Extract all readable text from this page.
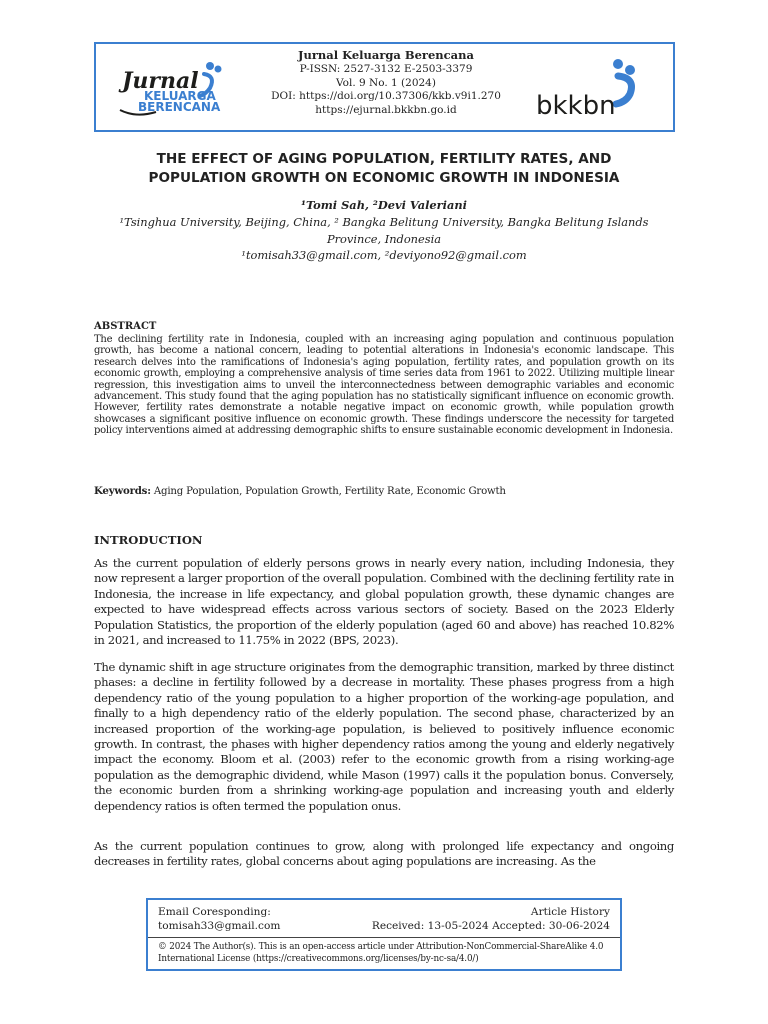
Jurnal
KELUARGA
BERENCANA
Jurnal Keluarga Berencana
P-ISSN: 2527-3132 E-2503-3379
Vol. 9 No. 1 (2024)
DOI: https://doi.org/10.37306/kkb.v9i1.270
https://ejurnal.bkkbn.go.id	bkkbn
THE EFFECT OF AGING POPULATION, FERTILITY RATES, AND
POPULATION GROWTH ON ECONOMIC GROWTH IN INDONESIA
¹Tomi Sah, ²Devi Valeriani
¹Tsinghua University, Beijing, China, ² Bangka Belitung University, Bangka Belitung Islands
Province, Indonesia
¹tomisah33@gmail.com, ²deviyono92@gmail.com
ABSTRACT
The declining fertility rate in Indonesia, coupled with an increasing aging population and continuous population growth, has become a national concern, leading to potential alterations in Indonesia's economic landscape. This research delves into the ramifications of Indonesia's aging population, fertility rates, and population growth on its economic growth, employing a comprehensive analysis of time series data from 1961 to 2022. Utilizing multiple linear regression, this investigation aims to unveil the interconnectedness between demographic variables and economic advancement. This study found that the aging population has no statistically significant influence on economic growth. However, fertility rates demonstrate a notable negative impact on economic growth, while population growth showcases a significant positive influence on economic growth. These findings underscore the necessity for targeted policy interventions aimed at addressing demographic shifts to ensure sustainable economic development in Indonesia.
Keywords: Aging Population, Population Growth, Fertility Rate, Economic Growth
INTRODUCTION
As the current population of elderly persons grows in nearly every nation, including Indonesia, they now represent a larger proportion of the overall population. Combined with the declining fertility rate in Indonesia, the increase in life expectancy, and global population growth, these dynamic changes are expected to have widespread effects across various sectors of society. Based on the 2023 Elderly Population Statistics, the proportion of the elderly population (aged 60 and above) has reached 10.82% in 2021, and increased to 11.75% in 2022 (BPS, 2023).
The dynamic shift in age structure originates from the demographic transition, marked by three distinct phases: a decline in fertility followed by a decrease in mortality. These phases progress from a high dependency ratio of the young population to a higher proportion of the working-age population, and finally to a high dependency ratio of the elderly population. The second phase, characterized by an increased proportion of the working-age population, is believed to positively influence economic growth. In contrast, the phases with higher dependency ratios among the young and elderly negatively impact the economy. Bloom et al. (2003) refer to the economic growth from a rising working-age population as the demographic dividend, while Mason (1997) calls it the population bonus. Conversely, the economic burden from a shrinking working-age population and increasing youth and elderly dependency ratios is often termed the population onus.
As the current population continues to grow, along with prolonged life expectancy and ongoing decreases in fertility rates, global concerns about aging populations are increasing. As the
Email Coresponding:
tomisah33@gmail.com
Article History
Received: 13-05-2024 Accepted: 30-06-2024
© 2024 The Author(s). This is an open-access article under Attribution-NonCommercial-ShareAlike 4.0 International License (https://creativecommons.org/licenses/by-nc-sa/4.0/)
